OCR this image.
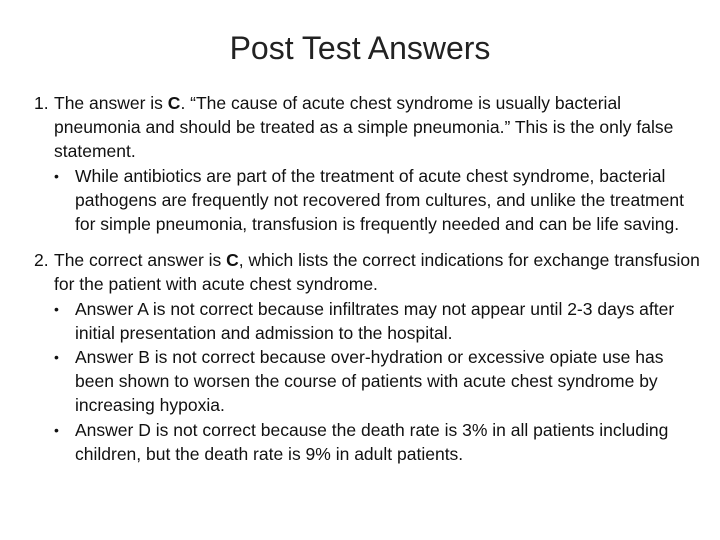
Post Test Answers
1. The answer is C. “The cause of acute chest syndrome is usually bacterial pneumonia and should be treated as a simple pneumonia.” This is the only false statement.
• While antibiotics are part of the treatment of acute chest syndrome, bacterial pathogens are frequently not recovered from cultures, and unlike the treatment for simple pneumonia, transfusion is frequently needed and can be life saving.
2. The correct answer is C, which lists the correct indications for exchange transfusion for the patient with acute chest syndrome.
• Answer A is not correct because infiltrates may not appear until 2-3 days after initial presentation and admission to the hospital.
• Answer B is not correct because over-hydration or excessive opiate use has been shown to worsen the course of patients with acute chest syndrome by increasing hypoxia.
• Answer D is not correct because the death rate is 3% in all patients including children, but the death rate is 9% in adult patients.
